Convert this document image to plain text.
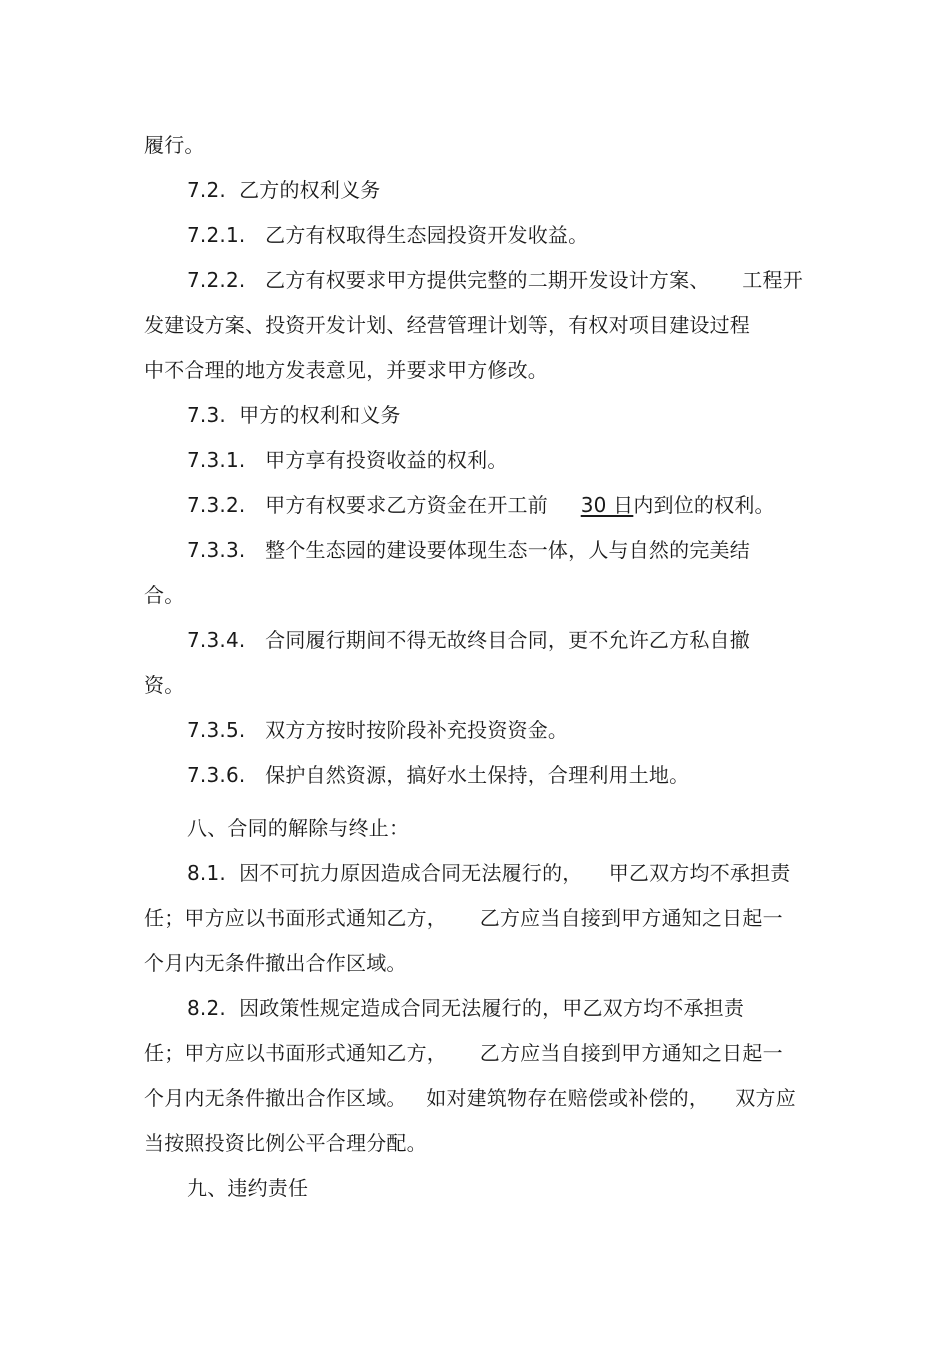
履行。
7.2.  乙方的权利义务
7.2.1.   乙方有权取得生态园投资开发收益。
7.2.2.   乙方有权要求甲方提供完整的二期开发设计方案、     工程开
发建设方案、投资开发计划、经营管理计划等，有权对项目建设过程
中不合理的地方发表意见，并要求甲方修改。
7.3.  甲方的权利和义务
7.3.1.   甲方享有投资收益的权利。
7.3.2.   甲方有权要求乙方资金在开工前     30 日内到位的权利。
7.3.3.   整个生态园的建设要体现生态一体，人与自然的完美结
合。
7.3.4.   合同履行期间不得无故终目合同，更不允许乙方私自撤
资。
7.3.5.   双方方按时按阶段补充投资资金。
7.3.6.   保护自然资源，搞好水土保持，合理利用土地。
八、合同的解除与终止：
8.1.  因不可抗力原因造成合同无法履行的，    甲乙双方均不承担责
任；甲方应以书面形式通知乙方，     乙方应当自接到甲方通知之日起一
个月内无条件撤出合作区域。
8.2.  因政策性规定造成合同无法履行的，甲乙双方均不承担责
任；甲方应以书面形式通知乙方，     乙方应当自接到甲方通知之日起一
个月内无条件撤出合作区域。   如对建筑物存在赔偿或补偿的，    双方应
当按照投资比例公平合理分配。
九、违约责任
